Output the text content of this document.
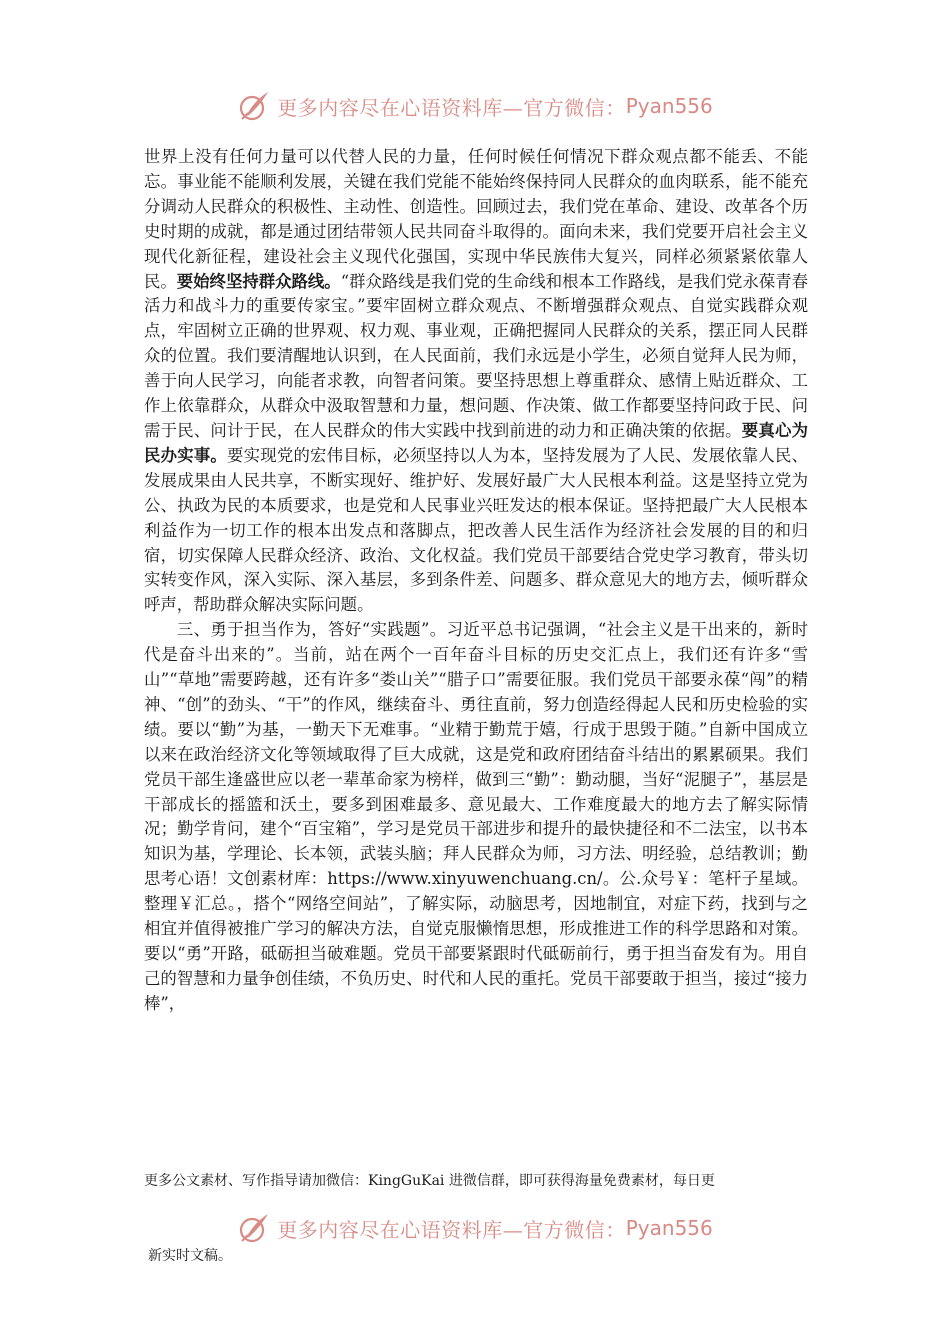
更多内容尽在心语资料库—官方微信： Pyan556

世界上没有任何力量可以代替人民的力量，任何时候任何情况下群众观点都不能丢、不能忘。事业能不能顺利发展，关键在我们党能不能始终保持同人民群众的血肉联系，能不能充分调动人民群众的积极性、主动性、创造性。回顾过去，我们党在革命、建设、改革各个历史时期的成就，都是通过团结带领人民共同奋斗取得的。面向未来，我们党要开启社会主义现代化新征程，建设社会主义现代化强国，实现中华民族伟大复兴，同样必须紧紧依靠人民。要始终坚持群众路线。“群众路线是我们党的生命线和根本工作路线，是我们党永葆青春活力和战斗力的重要传家宝。”要牢固树立群众观点、不断增强群众观点、自觉实践群众观点，牢固树立正确的世界观、权力观、事业观，正确把握同人民群众的关系，摆正同人民群众的位置。我们要清醒地认识到，在人民面前，我们永远是小学生，必须自觉拜人民为师，善于向人民学习，向能者求教，向智者问策。要坚持思想上尊重群众、感情上贴近群众、工作上依靠群众，从群众中汲取智慧和力量，想问题、作决策、做工作都要坚持问政于民、问需于民、问计于民，在人民群众的伟大实践中找到前进的动力和正确决策的依据。要真心为民办实事。要实现党的宏伟目标，必须坚持以人为本，坚持发展为了人民、发展依靠人民、发展成果由人民共享，不断实现好、维护好、发展好最广大人民根本利益。这是坚持立党为公、执政为民的本质要求，也是党和人民事业兴旺发达的根本保证。坚持把最广大人民根本利益作为一切工作的根本出发点和落脚点，把改善人民生活作为经济社会发展的目的和归宿，切实保障人民群众经济、政治、文化权益。我们党员干部要结合党史学习教育，带头切实转变作风，深入实际、深入基层，多到条件差、问题多、群众意见大的地方去，倾听群众呼声，帮助群众解决实际问题。

三、勇于担当作为，答好“实践题”。习近平总书记强调，“社会主义是干出来的，新时代是奋斗出来的”。当前，站在两个一百年奋斗目标的历史交汇点上，我们还有许多“雪山”“草地”需要跨越，还有许多“娄山关”“腊子口”需要征服。我们党员干部要永葆“闯”的精神、“创”的劲头、“干”的作风，继续奋斗、勇往直前，努力创造经得起人民和历史检验的实绩。要以“勤”为基，一勤天下无难事。“业精于勤荒于嬉，行成于思毁于随。”自新中国成立以来在政治经济文化等领域取得了巨大成就，这是党和政府团结奋斗结出的累累硕果。我们党员干部生逢盛世应以老一辈革命家为榜样，做到三“勤”：勤动腿，当好“泥腿子”，基层是干部成长的摇篮和沃土，要多到困难最多、意见最大、工作难度最大的地方去了解实际情况；勤学肯问，建个“百宝箱”，学习是党员干部进步和提升的最快捷径和不二法宝，以书本知识为基，学理论、长本领，武装头脑；拜人民群众为师，习方法、明经验，总结教训；勤思考心语！文创素材库：https://www.xinyuwenchuang.cn/。公.众号￥：笔杆子星域。整理￥汇总。，搭个“网络空间站”，了解实际，动脑思考，因地制宜，对症下药，找到与之相宜并值得被推广学习的解决方法，自觉克服懒惰思想，形成推进工作的科学思路和对策。要以“勇”开路，砥砺担当破难题。党员干部要紧跟时代砥砺前行，勇于担当奋发有为。用自己的智慧和力量争创佳绩，不负历史、时代和人民的重托。党员干部要敢于担当，接过“接力棒”，

更多公文素材、写作指导请加微信：KingGuKai 进微信群，即可获得海量免费素材，每日更
更多内容尽在心语资料库—官方微信： Pyan556
新实时文稿。
